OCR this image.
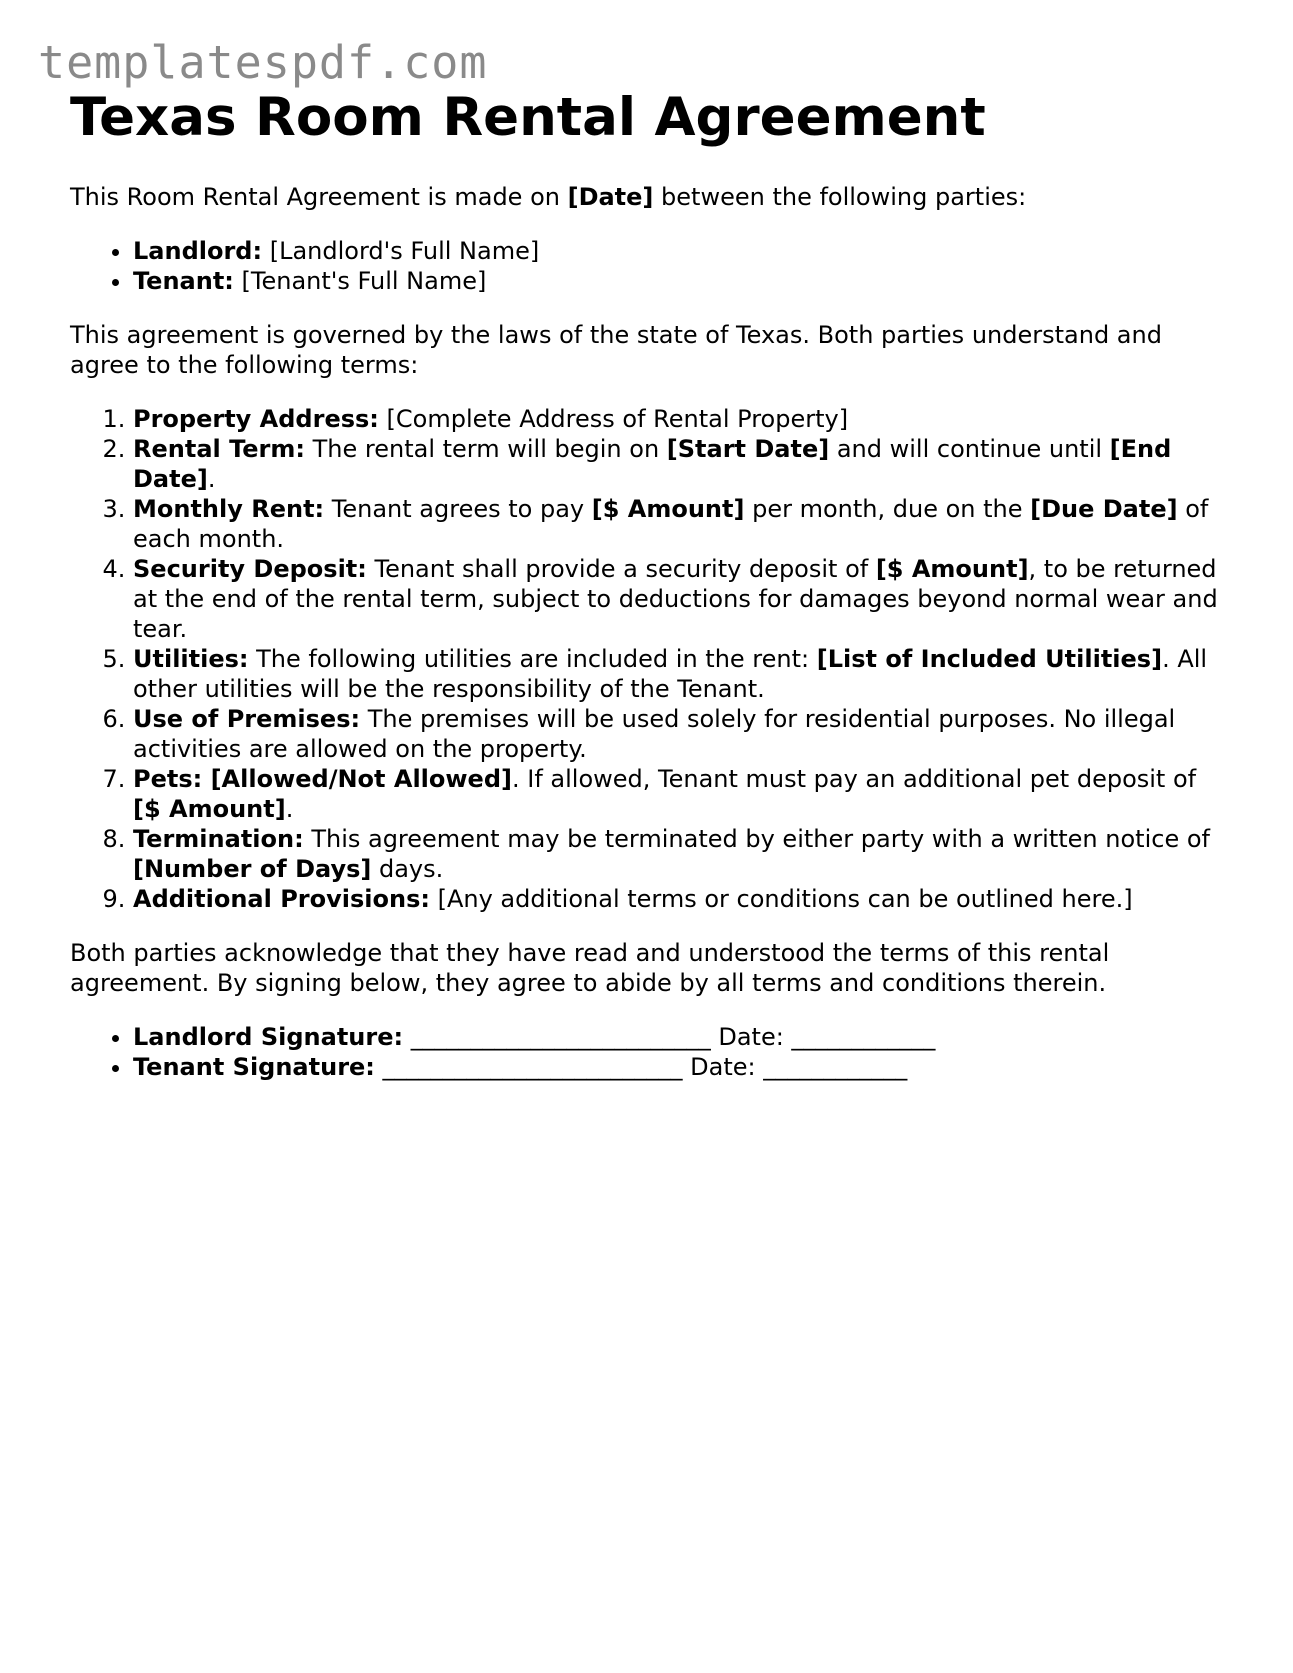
templatespdf.com
Texas Room Rental Agreement

This Room Rental Agreement is made on [Date] between the following parties:

• Landlord: [Landlord's Full Name]
• Tenant: [Tenant's Full Name]

This agreement is governed by the laws of the state of Texas. Both parties understand and agree to the following terms:

1. Property Address: [Complete Address of Rental Property]
2. Rental Term: The rental term will begin on [Start Date] and will continue until [End Date].
3. Monthly Rent: Tenant agrees to pay [$ Amount] per month, due on the [Due Date] of each month.
4. Security Deposit: Tenant shall provide a security deposit of [$ Amount], to be returned at the end of the rental term, subject to deductions for damages beyond normal wear and tear.
5. Utilities: The following utilities are included in the rent: [List of Included Utilities]. All other utilities will be the responsibility of the Tenant.
6. Use of Premises: The premises will be used solely for residential purposes. No illegal activities are allowed on the property.
7. Pets: [Allowed/Not Allowed]. If allowed, Tenant must pay an additional pet deposit of [$ Amount].
8. Termination: This agreement may be terminated by either party with a written notice of [Number of Days] days.
9. Additional Provisions: [Any additional terms or conditions can be outlined here.]

Both parties acknowledge that they have read and understood the terms of this rental agreement. By signing below, they agree to abide by all terms and conditions therein.

• Landlord Signature: _________________________ Date: ____________
• Tenant Signature: _________________________ Date: ____________
